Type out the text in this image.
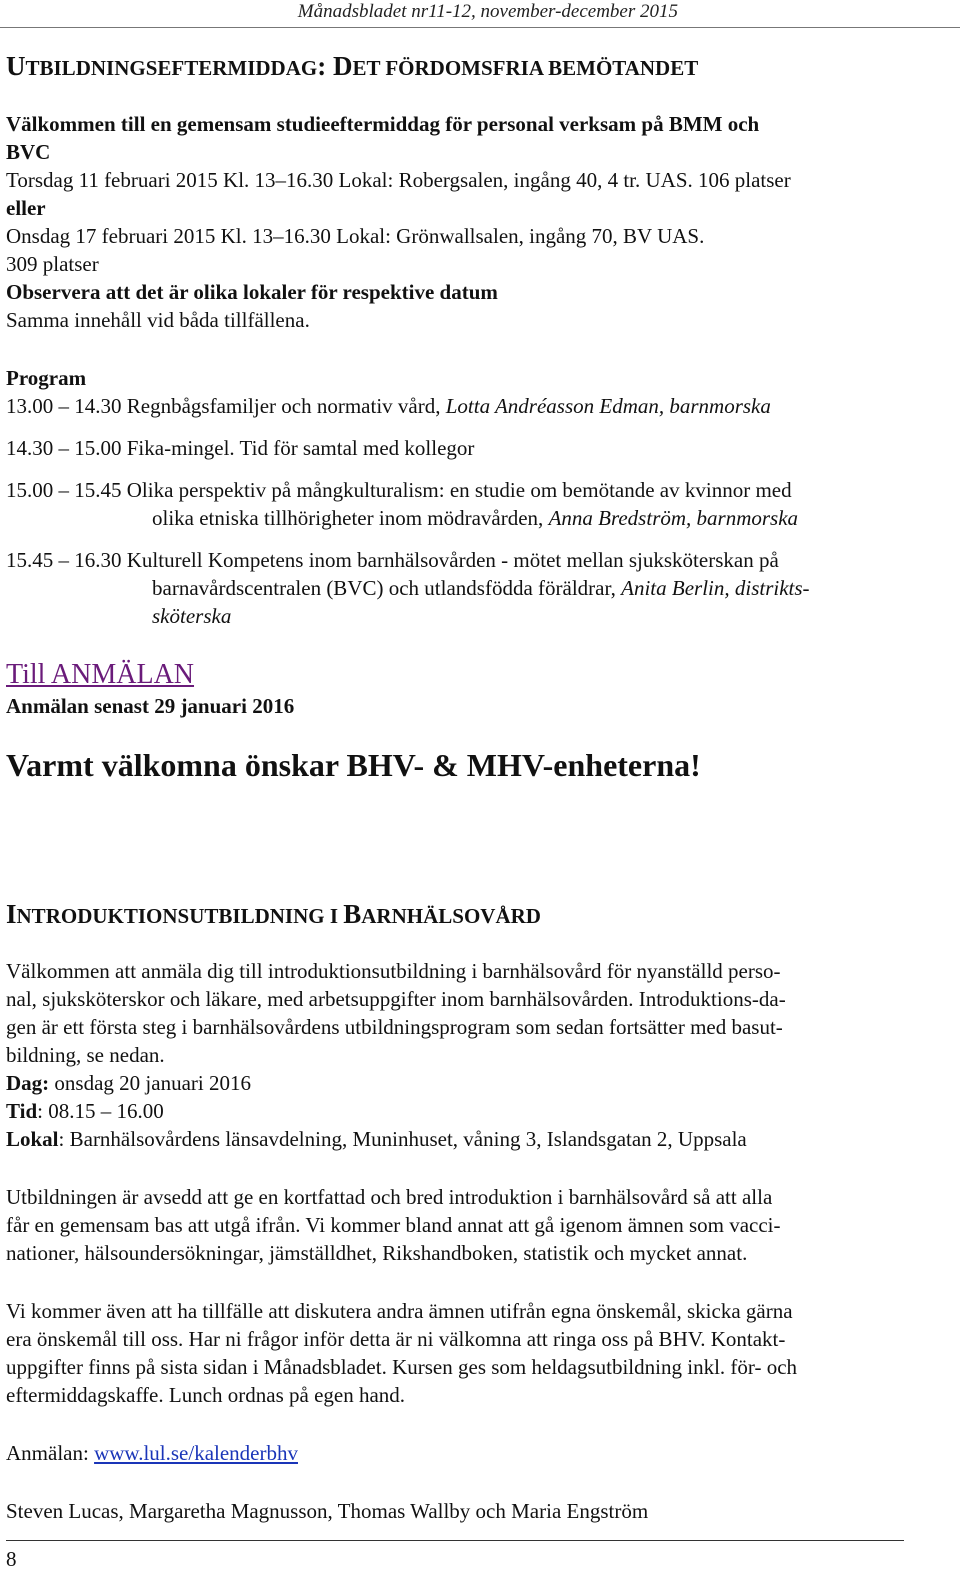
Månadsbladet nr11-12, november-december 2015
UTBILDNINGSEFTERMIDDAG: DET FÖRDOMSFRIA BEMÖTANDET
Välkommen till en gemensam studieeftermiddag för personal verksam på BMM och
BVC
Torsdag 11 februari 2015 Kl. 13–16.30 Lokal: Robergsalen, ingång 40, 4 tr. UAS. 106 platser
eller
Onsdag 17 februari 2015 Kl. 13–16.30 Lokal: Grönwallsalen, ingång 70, BV UAS.
309 platser
Observera att det är olika lokaler för respektive datum
Samma innehåll vid båda tillfällena.
Program
13.00 – 14.30 Regnbågsfamiljer och normativ vård, Lotta Andréasson Edman, barnmorska
14.30 – 15.00 Fika-mingel. Tid för samtal med kollegor
15.00 – 15.45 Olika perspektiv på mångkulturalism: en studie om bemötande av kvinnor med
olika etniska tillhörigheter inom mödravården, Anna Bredström, barnmorska
15.45 – 16.30 Kulturell Kompetens inom barnhälsovården - mötet mellan sjuksköterskan på
barnavårdscentralen (BVC) och utlandsfödda föräldrar, Anita Berlin, distrikts-
sköterska
Till ANMÄLAN
Anmälan senast 29 januari 2016
Varmt välkomna önskar BHV- & MHV-enheterna!
INTRODUKTIONSUTBILDNING I BARNHÄLSOVÅRD
Välkommen att anmäla dig till introduktionsutbildning i barnhälsovård för nyanställd perso-
nal, sjuksköterskor och läkare, med arbetsuppgifter inom barnhälsovården. Introduktions-da-
gen är ett första steg i barnhälsovårdens utbildningsprogram som sedan fortsätter med basut-
bildning, se nedan.
Dag: onsdag 20 januari 2016
Tid: 08.15 – 16.00
Lokal: Barnhälsovårdens länsavdelning, Muninhuset, våning 3, Islandsgatan 2, Uppsala
Utbildningen är avsedd att ge en kortfattad och bred introduktion i barnhälsovård så att alla
får en gemensam bas att utgå ifrån. Vi kommer bland annat att gå igenom ämnen som vacci-
nationer, hälsoundersökningar, jämställdhet, Rikshandboken, statistik och mycket annat.
Vi kommer även att ha tillfälle att diskutera andra ämnen utifrån egna önskemål, skicka gärna
era önskemål till oss. Har ni frågor inför detta är ni välkomna att ringa oss på BHV. Kontakt-
uppgifter finns på sista sidan i Månadsbladet. Kursen ges som heldagsutbildning inkl. för- och
eftermiddagskaffe. Lunch ordnas på egen hand.
Anmälan: www.lul.se/kalenderbhv
Steven Lucas, Margaretha Magnusson, Thomas Wallby och Maria Engström
8
